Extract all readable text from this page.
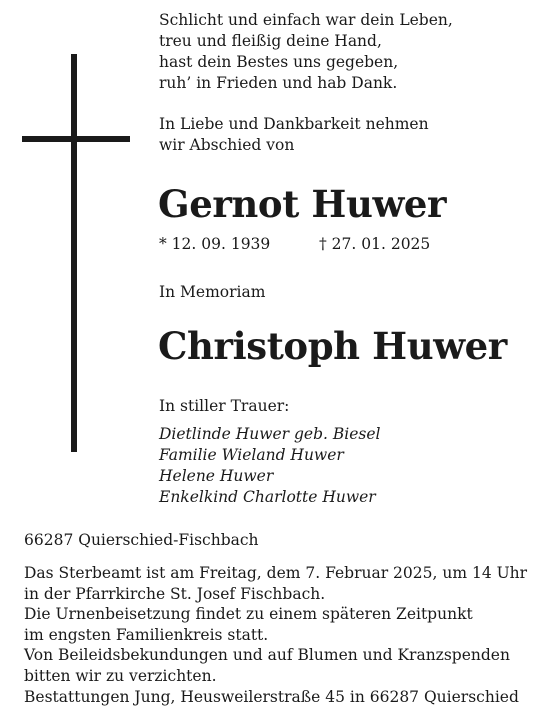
Schlicht und einfach war dein Leben,
treu und fleißig deine Hand,
hast dein Bestes uns gegeben,
ruh’ in Frieden und hab Dank.
In Liebe und Dankbarkeit nehmen
wir Abschied von
Gernot Huwer
* 12. 09. 1939	† 27. 01. 2025
In Memoriam
Christoph Huwer
In stiller Trauer:
Dietlinde Huwer geb. Biesel
Familie Wieland Huwer
Helene Huwer
Enkelkind Charlotte Huwer
66287 Quierschied-Fischbach
Das Sterbeamt ist am Freitag, dem 7. Februar 2025, um 14 Uhr
in der Pfarrkirche St. Josef Fischbach.
Die Urnenbeisetzung findet zu einem späteren Zeitpunkt
im engsten Familienkreis statt.
Von Beileidsbekundungen und auf Blumen und Kranzspenden
bitten wir zu verzichten.
Bestattungen Jung, Heusweilerstraße 45 in 66287 Quierschied
